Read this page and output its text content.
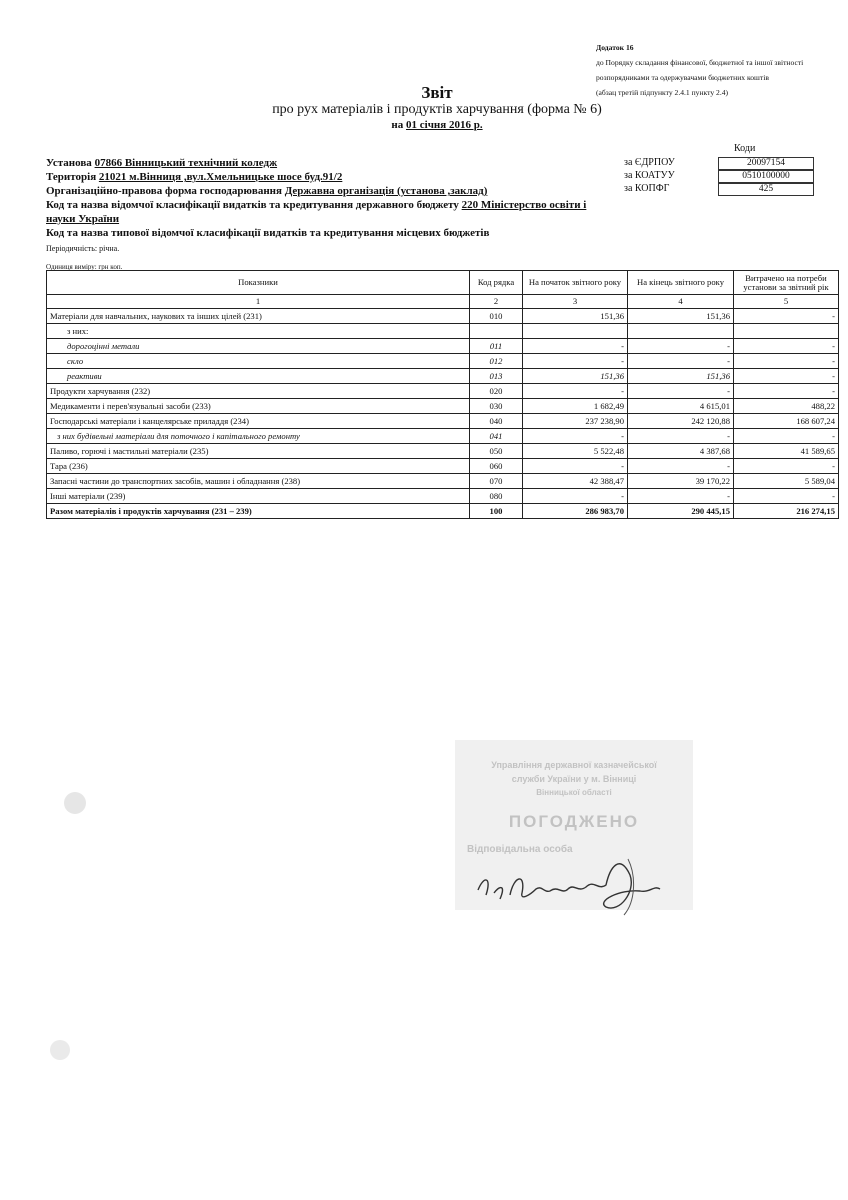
Додаток 16
до Порядку складання фінансової, бюджетної та іншої звітності
розпорядниками та одержувачами бюджетних коштів
(абзац третій підпункту 2.4.1 пункту 2.4)
Звіт
про рух матеріалів і продуктів харчування (форма № 6)
на 01 січня 2016 р.
Установа 07866 Вінницький технічний коледж
Територія 21021 м.Вінниця ,вул.Хмельницьке шосе буд.91/2
Організаційно-правова форма господарювання Державна організація (установа ,заклад)
Код та назва відомчої класифікації видатків та кредитування державного бюджету 220 Міністерство освіти і науки України
Код та назва типової відомчої класифікації видатків та кредитування місцевих бюджетів
Періодичність: річна.
Одиниця виміру: грн коп.
Коди
за ЄДРПОУ	20097154
за КОАТУУ	0510100000
за КОПФГ	425
Показники	Код рядка	На початок звітного року	На кінець звітного року	Витрачено на потреби установи за звітний рік
1	2	3	4	5
Матеріали для навчальних, наукових та інших цілей (231)	010	151,36	151,36	-
з них:				
дорогоцінні метали	011	-	-	-
скло	012	-	-	-
реактиви	013	151,36	151,36	-
Продукти харчування (232)	020	-	-	-
Медикаменти і перев'язувальні засоби (233)	030	1 682,49	4 615,01	488,22
Господарські матеріали і канцелярське приладдя (234)	040	237 238,90	242 120,88	168 607,24
з них будівельні матеріали для поточного і капітального ремонту	041	-	-	-
Паливо, горючі і мастильні матеріали (235)	050	5 522,48	4 387,68	41 589,65
Тара (236)	060	-	-	-
Запасні частини до транспортних засобів, машин і обладнання (238)	070	42 388,47	39 170,22	5 589,04
Інші матеріали (239)	080	-	-	-
Разом матеріалів і продуктів харчування (231 – 239)	100	286 983,70	290 445,15	216 274,15
Управління державної казначейської
служби України у м. Вінниці
Вінницької області
ПОГОДЖЕНО
Відповідальна особа
